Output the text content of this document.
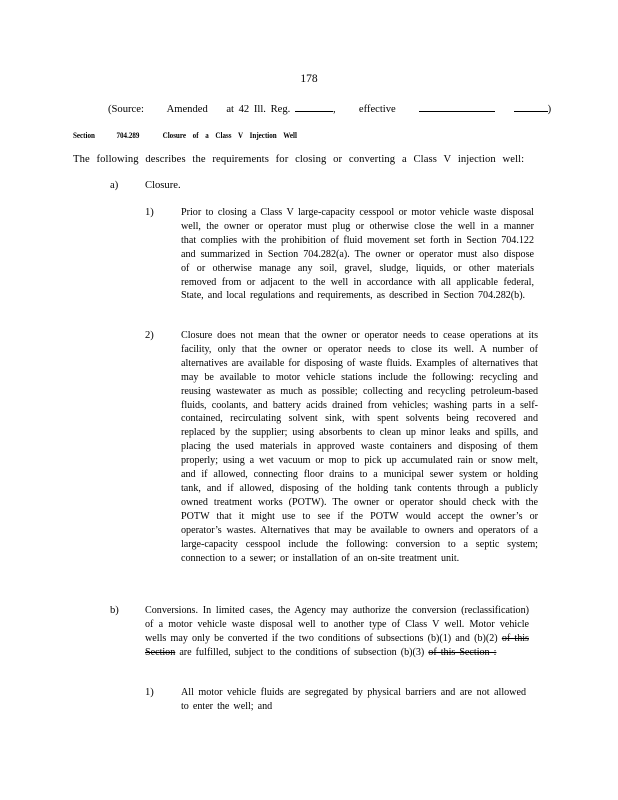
178
(Source: Amended at 42 Ill. Reg.	, effective	)
Section	704.289	Closure of a Class V Injection Well
The following describes the requirements for closing or converting a Class V injection well:
a)	Closure.
1)	Prior to closing a Class V large-capacity cesspool or motor vehicle waste disposal well, the owner or operator must plug or otherwise close the well in a manner that complies with the prohibition of fluid movement set forth in Section 704.122 and summarized in Section 704.282(a). The owner or operator must also dispose of or otherwise manage any soil, gravel, sludge, liquids, or other materials removed from or adjacent to the well in accordance with all applicable federal, State, and local regulations and requirements, as described in Section 704.282(b).
2)	Closure does not mean that the owner or operator needs to cease operations at its facility, only that the owner or operator needs to close its well. A number of alternatives are available for disposing of waste fluids. Examples of alternatives that may be available to motor vehicle stations include the following: recycling and reusing wastewater as much as possible; collecting and recycling petroleum-based fluids, coolants, and battery acids drained from vehicles; washing parts in a self-contained, recirculating solvent sink, with spent solvents being recovered and replaced by the supplier; using absorbents to clean up minor leaks and spills, and placing the used materials in approved waste containers and disposing of them properly; using a wet vacuum or mop to pick up accumulated rain or snow melt, and if allowed, connecting floor drains to a municipal sewer system or holding tank, and if allowed, disposing of the holding tank contents through a publicly owned treatment works (POTW). The owner or operator should check with the POTW that it might use to see if the POTW would accept the owner’s or operator’s wastes. Alternatives that may be available to owners and operators of a large-capacity cesspool include the following: conversion to a septic system; connection to a sewer; or installation of an on-site treatment unit.
b)	Conversions. In limited cases, the Agency may authorize the conversion (reclassification) of a motor vehicle waste disposal well to another type of Class V well. Motor vehicle wells may only be converted if the two conditions of subsections (b)(1) and (b)(2) of this Section are fulfilled, subject to the conditions of subsection (b)(3) of this Section :
1)	All motor vehicle fluids are segregated by physical barriers and are not allowed to enter the well; and
